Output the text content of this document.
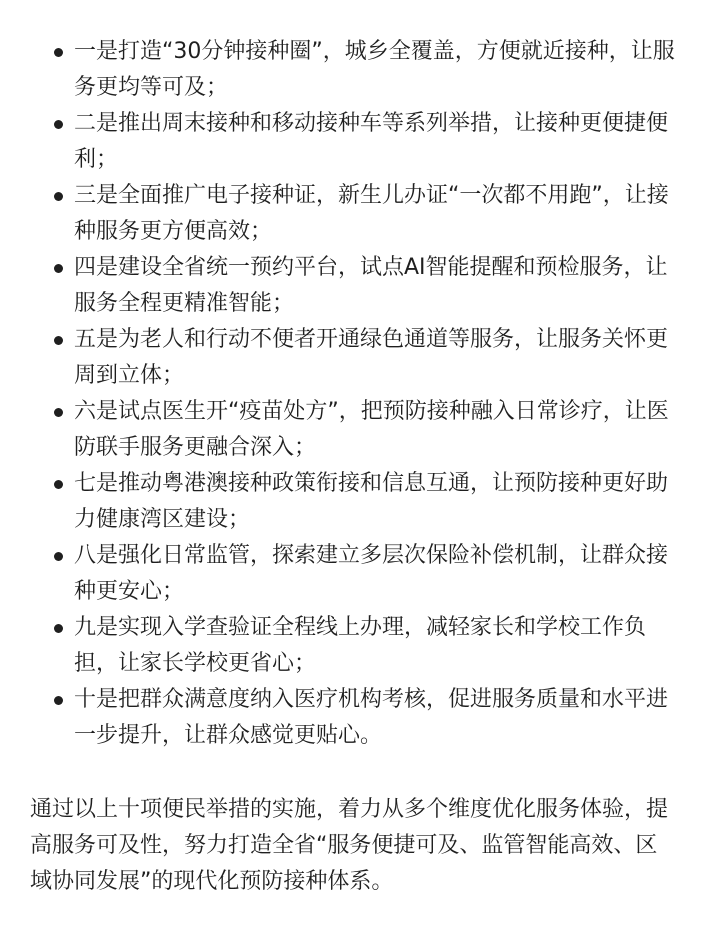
一是打造“30分钟接种圈”，城乡全覆盖，方便就近接种，让服务更均等可及；
二是推出周末接种和移动接种车等系列举措，让接种更便捷便利；
三是全面推广电子接种证，新生儿办证“一次都不用跑”，让接种服务更方便高效；
四是建设全省统一预约平台，试点AI智能提醒和预检服务，让服务全程更精准智能；
五是为老人和行动不便者开通绿色通道等服务，让服务关怀更周到立体；
六是试点医生开“疫苗处方”，把预防接种融入日常诊疗，让医防联手服务更融合深入；
七是推动粤港澳接种政策衔接和信息互通，让预防接种更好助力健康湾区建设；
八是强化日常监管，探索建立多层次保险补偿机制，让群众接种更安心；
九是实现入学查验证全程线上办理，减轻家长和学校工作负担，让家长学校更省心；
十是把群众满意度纳入医疗机构考核，促进服务质量和水平进一步提升，让群众感觉更贴心。

通过以上十项便民举措的实施，着力从多个维度优化服务体验，提高服务可及性，努力打造全省“服务便捷可及、监管智能高效、区域协同发展”的现代化预防接种体系。
